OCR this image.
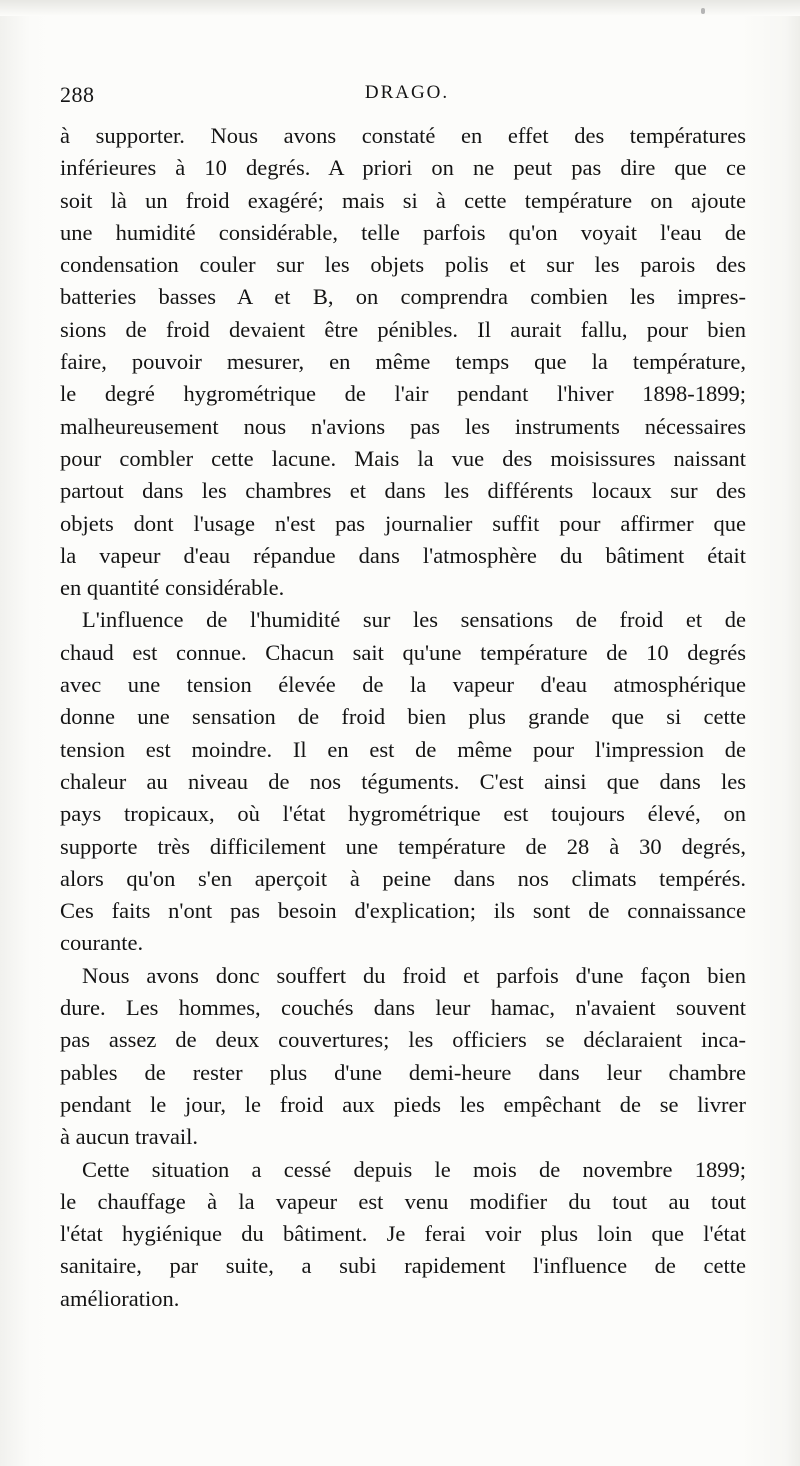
288	DRAGO.
à supporter. Nous avons constaté en effet des températures
inférieures à 10 degrés. A priori on ne peut pas dire que ce
soit là un froid exagéré; mais si à cette température on ajoute
une humidité considérable, telle parfois qu'on voyait l'eau de
condensation couler sur les objets polis et sur les parois des
batteries basses A et B, on comprendra combien les impres-
sions de froid devaient être pénibles. Il aurait fallu, pour bien
faire, pouvoir mesurer, en même temps que la température,
le degré hygrométrique de l'air pendant l'hiver 1898-1899;
malheureusement nous n'avions pas les instruments nécessaires
pour combler cette lacune. Mais la vue des moisissures naissant
partout dans les chambres et dans les différents locaux sur des
objets dont l'usage n'est pas journalier suffit pour affirmer que
la vapeur d'eau répandue dans l'atmosphère du bâtiment était
en quantité considérable.
L'influence de l'humidité sur les sensations de froid et de
chaud est connue. Chacun sait qu'une température de 10 degrés
avec une tension élevée de la vapeur d'eau atmosphérique
donne une sensation de froid bien plus grande que si cette
tension est moindre. Il en est de même pour l'impression de
chaleur au niveau de nos téguments. C'est ainsi que dans les
pays tropicaux, où l'état hygrométrique est toujours élevé, on
supporte très difficilement une température de 28 à 30 degrés,
alors qu'on s'en aperçoit à peine dans nos climats tempérés.
Ces faits n'ont pas besoin d'explication; ils sont de connaissance
courante.
Nous avons donc souffert du froid et parfois d'une façon bien
dure. Les hommes, couchés dans leur hamac, n'avaient souvent
pas assez de deux couvertures; les officiers se déclaraient inca-
pables de rester plus d'une demi-heure dans leur chambre
pendant le jour, le froid aux pieds les empêchant de se livrer
à aucun travail.
Cette situation a cessé depuis le mois de novembre 1899;
le chauffage à la vapeur est venu modifier du tout au tout
l'état hygiénique du bâtiment. Je ferai voir plus loin que l'état
sanitaire, par suite, a subi rapidement l'influence de cette
amélioration.
